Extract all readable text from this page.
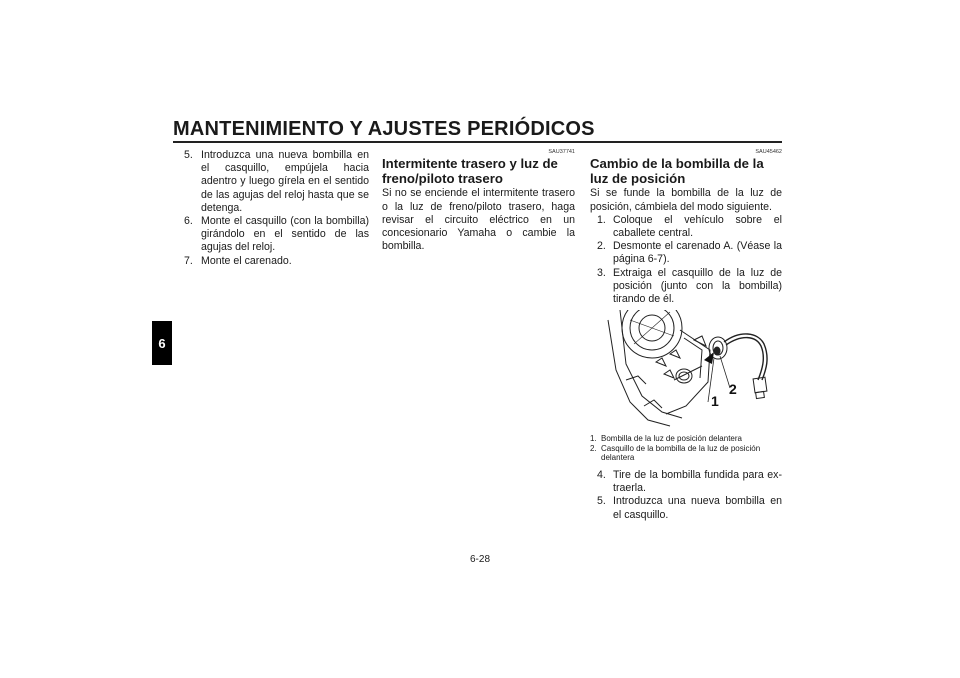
MANTENIMIENTO Y AJUSTES PERIÓDICOS
6
5. Introduzca una nueva bombilla en el casquillo, empújela hacia adentro y luego gírela en el sentido de las agujas del reloj hasta que se detenga.
6. Monte el casquillo (con la bombilla) girándolo en el sentido de las agujas del reloj.
7. Monte el carenado.
SAU37741
Intermitente trasero y luz de freno/piloto trasero

Si no se enciende el intermitente trasero o la luz de freno/piloto trasero, haga revisar el circuito eléctrico en un concesionario Yamaha o cambie la bombilla.

SAU45462
Cambio de la bombilla de la luz de posición

Si se funde la bombilla de la luz de posición, cámbiela del modo siguiente.

1. Coloque el vehículo sobre el caballete central.
2. Desmonte el carenado A. (Véase la página 6-7).
3. Extraiga el casquillo de la luz de posición (junto con la bombilla) tirando de él.
1
2
1. Bombilla de la luz de posición delantera
2. Casquillo de la bombilla de la luz de posición delantera
4. Tire de la bombilla fundida para extraerla.
5. Introduzca una nueva bombilla en el casquillo.
6-28
